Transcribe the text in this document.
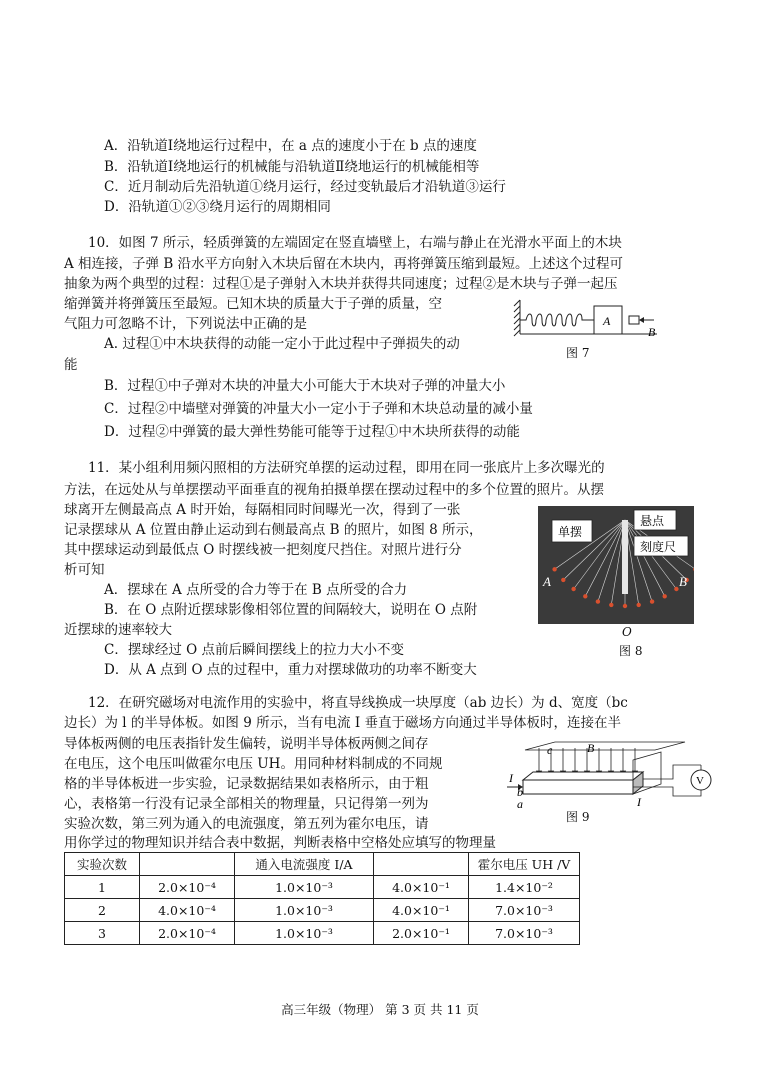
A．沿轨道Ⅰ绕地运行过程中，在 a 点的速度小于在 b 点的速度
B．沿轨道Ⅰ绕地运行的机械能与沿轨道Ⅱ绕地运行的机械能相等
C．近月制动后先沿轨道①绕月运行，经过变轨最后才沿轨道③运行
D．沿轨道①②③绕月运行的周期相同
10．如图 7 所示，轻质弹簧的左端固定在竖直墙壁上，右端与静止在光滑水平面上的木块
A 相连接，子弹 B 沿水平方向射入木块后留在木块内，再将弹簧压缩到最短。上述这个过程可
抽象为两个典型的过程：过程①是子弹射入木块并获得共同速度；过程②是木块与子弹一起压
缩弹簧并将弹簧压至最短。已知木块的质量大于子弹的质量，空
气阻力可忽略不计，下列说法中正确的是
A. 过程①中木块获得的动能一定小于此过程中子弹损失的动
能
B．过程①中子弹对木块的冲量大小可能大于木块对子弹的冲量大小
C．过程②中墙壁对弹簧的冲量大小一定小于子弹和木块总动量的减小量
D．过程②中弹簧的最大弹性势能可能等于过程①中木块所获得的动能
A
B
图 7
11．某小组利用频闪照相的方法研究单摆的运动过程，即用在同一张底片上多次曝光的
方法，在远处从与单摆摆动平面垂直的视角拍摄单摆在摆动过程中的多个位置的照片。从摆
球离开左侧最高点 A 时开始，每隔相同时间曝光一次，得到了一张
记录摆球从 A 位置由静止运动到右侧最高点 B 的照片，如图 8 所示，
其中摆球运动到最低点 O 时摆线被一把刻度尺挡住。对照片进行分
析可知
A．摆球在 A 点所受的合力等于在 B 点所受的合力
B．在 O 点附近摆球影像相邻位置的间隔较大，说明在 O 点附
近摆球的速率较大
C．摆球经过 O 点前后瞬间摆线上的拉力大小不变
D．从 A 点到 O 点的过程中，重力对摆球做功的功率不断变大
单摆
悬点
刻度尺
A	B
O
图 8
12．在研究磁场对电流作用的实验中，将直导线换成一块厚度（ab 边长）为 d、宽度（bc
边长）为 l 的半导体板。如图 9 所示，当有电流 I 垂直于磁场方向通过半导体板时，连接在半
导体板两侧的电压表指针发生偏转，说明半导体板两侧之间存
在电压，这个电压叫做霍尔电压 UH。用同种材料制成的不同规
格的半导体板进一步实验，记录数据结果如表格所示，由于粗
心，表格第一行没有记录全部相关的物理量，只记得第一列为
实验次数，第三列为通入的电流强度，第五列为霍尔电压，请
用你学过的物理知识并结合表中数据，判断表格中空格处应填写的物理量
I
c	B
b
a	I
V
图 9
实验次数		通入电流强度 I/A		霍尔电压 UH /V
1	2.0×10⁻⁴	1.0×10⁻³	4.0×10⁻¹	1.4×10⁻²
2	4.0×10⁻⁴	1.0×10⁻³	4.0×10⁻¹	7.0×10⁻³
3	2.0×10⁻⁴	1.0×10⁻³	2.0×10⁻¹	7.0×10⁻³
高三年级（物理） 第 3 页 共 11 页
